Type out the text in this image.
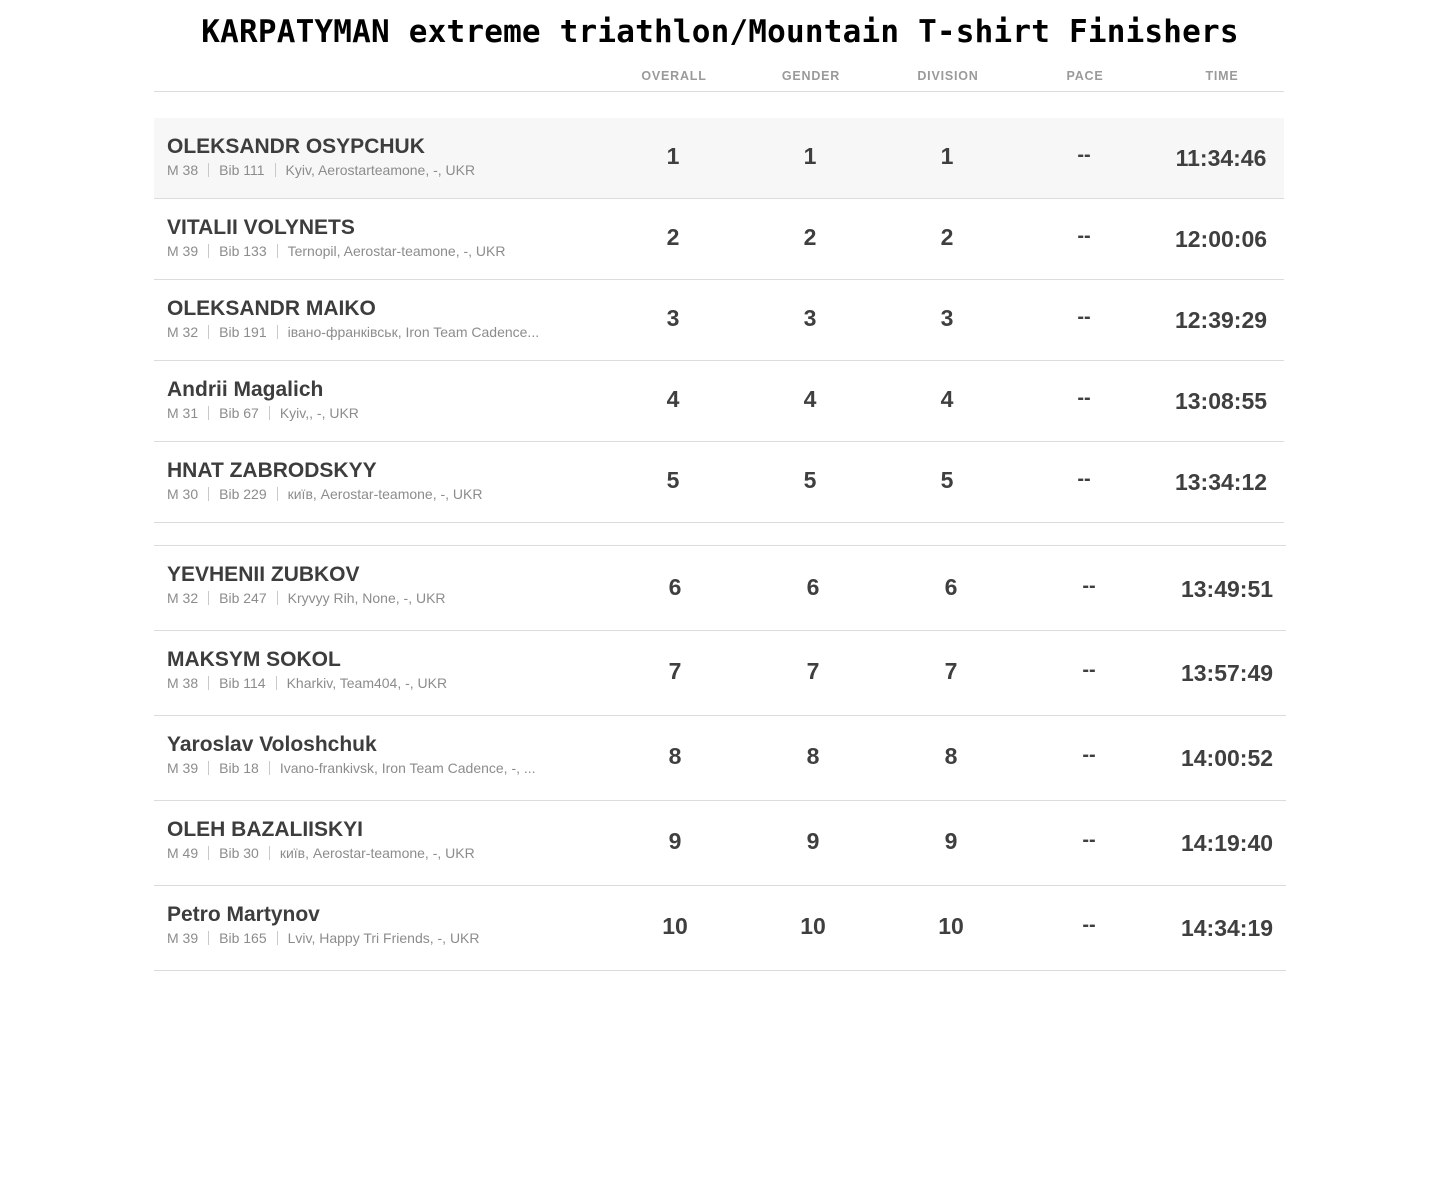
KARPATYMAN extreme triathlon/Mountain T-shirt Finishers
OVERALL	GENDER	DIVISION	PACE	TIME
OLEKSANDR OSYPCHUK
M 38 Bib 111 Kyiv, Aerostarteamone, -, UKR
1	1	1	--	11:34:46
VITALII VOLYNETS
M 39 Bib 133 Ternopil, Aerostar-teamone, -, UKR
2	2	2	--	12:00:06
OLEKSANDR MAIKO
M 32 Bib 191 івано-франківськ, Iron Team Cadence...
3	3	3	--	12:39:29
Andrii Magalich
M 31 Bib 67 Kyiv,, -, UKR
4	4	4	--	13:08:55
HNAT ZABRODSKYY
M 30 Bib 229 київ, Aerostar-teamone, -, UKR
5	5	5	--	13:34:12
YEVHENII ZUBKOV
M 32 Bib 247 Kryvyy Rih, None, -, UKR	6	6	6	--	13:49:51
MAKSYM SOKOL
M 38 Bib 114 Kharkiv, Team404, -, UKR	7	7	7	--	13:57:49
Yaroslav Voloshchuk
M 39 Bib 18 Ivano-frankivsk, Iron Team Cadence, -, ...	8	8	8	--	14:00:52
OLEH BAZALIISKYI
M 49 Bib 30 київ, Aerostar-teamone, -, UKR	9	9	9	--	14:19:40
Petro Martynov
M 39 Bib 165 Lviv, Happy Tri Friends, -, UKR	10	10	10	--	14:34:19
